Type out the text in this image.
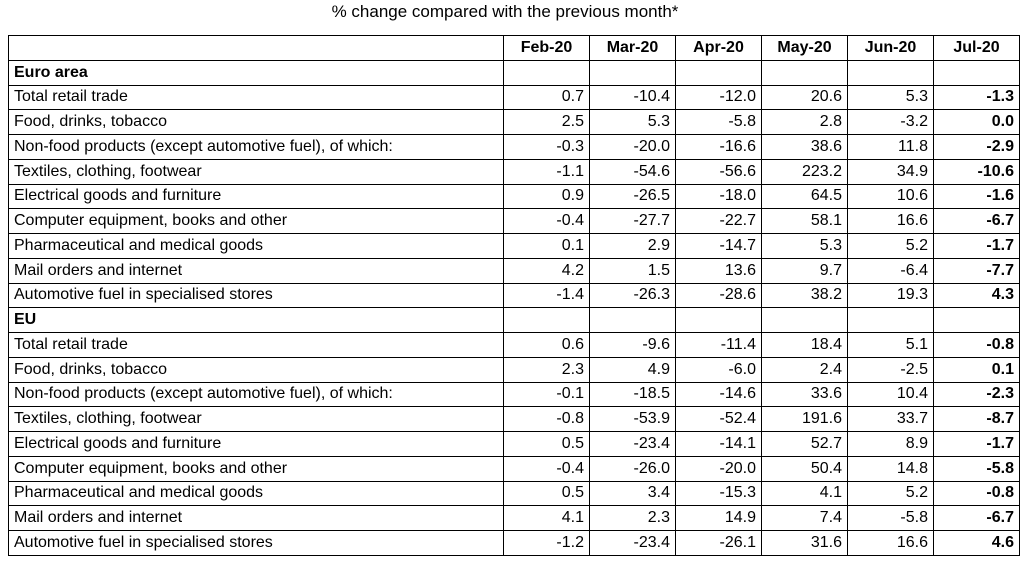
% change compared with the previous month*
	Feb-20	Mar-20	Apr-20	May-20	Jun-20	Jul-20
Euro area						
Total retail trade	0.7	-10.4	-12.0	20.6	5.3	-1.3
Food, drinks, tobacco	2.5	5.3	-5.8	2.8	-3.2	0.0
Non-food products (except automotive fuel), of which:	-0.3	-20.0	-16.6	38.6	11.8	-2.9
Textiles, clothing, footwear	-1.1	-54.6	-56.6	223.2	34.9	-10.6
Electrical goods and furniture	0.9	-26.5	-18.0	64.5	10.6	-1.6
Computer equipment, books and other	-0.4	-27.7	-22.7	58.1	16.6	-6.7
Pharmaceutical and medical goods	0.1	2.9	-14.7	5.3	5.2	-1.7
Mail orders and internet	4.2	1.5	13.6	9.7	-6.4	-7.7
Automotive fuel in specialised stores	-1.4	-26.3	-28.6	38.2	19.3	4.3
EU						
Total retail trade	0.6	-9.6	-11.4	18.4	5.1	-0.8
Food, drinks, tobacco	2.3	4.9	-6.0	2.4	-2.5	0.1
Non-food products (except automotive fuel), of which:	-0.1	-18.5	-14.6	33.6	10.4	-2.3
Textiles, clothing, footwear	-0.8	-53.9	-52.4	191.6	33.7	-8.7
Electrical goods and furniture	0.5	-23.4	-14.1	52.7	8.9	-1.7
Computer equipment, books and other	-0.4	-26.0	-20.0	50.4	14.8	-5.8
Pharmaceutical and medical goods	0.5	3.4	-15.3	4.1	5.2	-0.8
Mail orders and internet	4.1	2.3	14.9	7.4	-5.8	-6.7
Automotive fuel in specialised stores	-1.2	-23.4	-26.1	31.6	16.6	4.6
